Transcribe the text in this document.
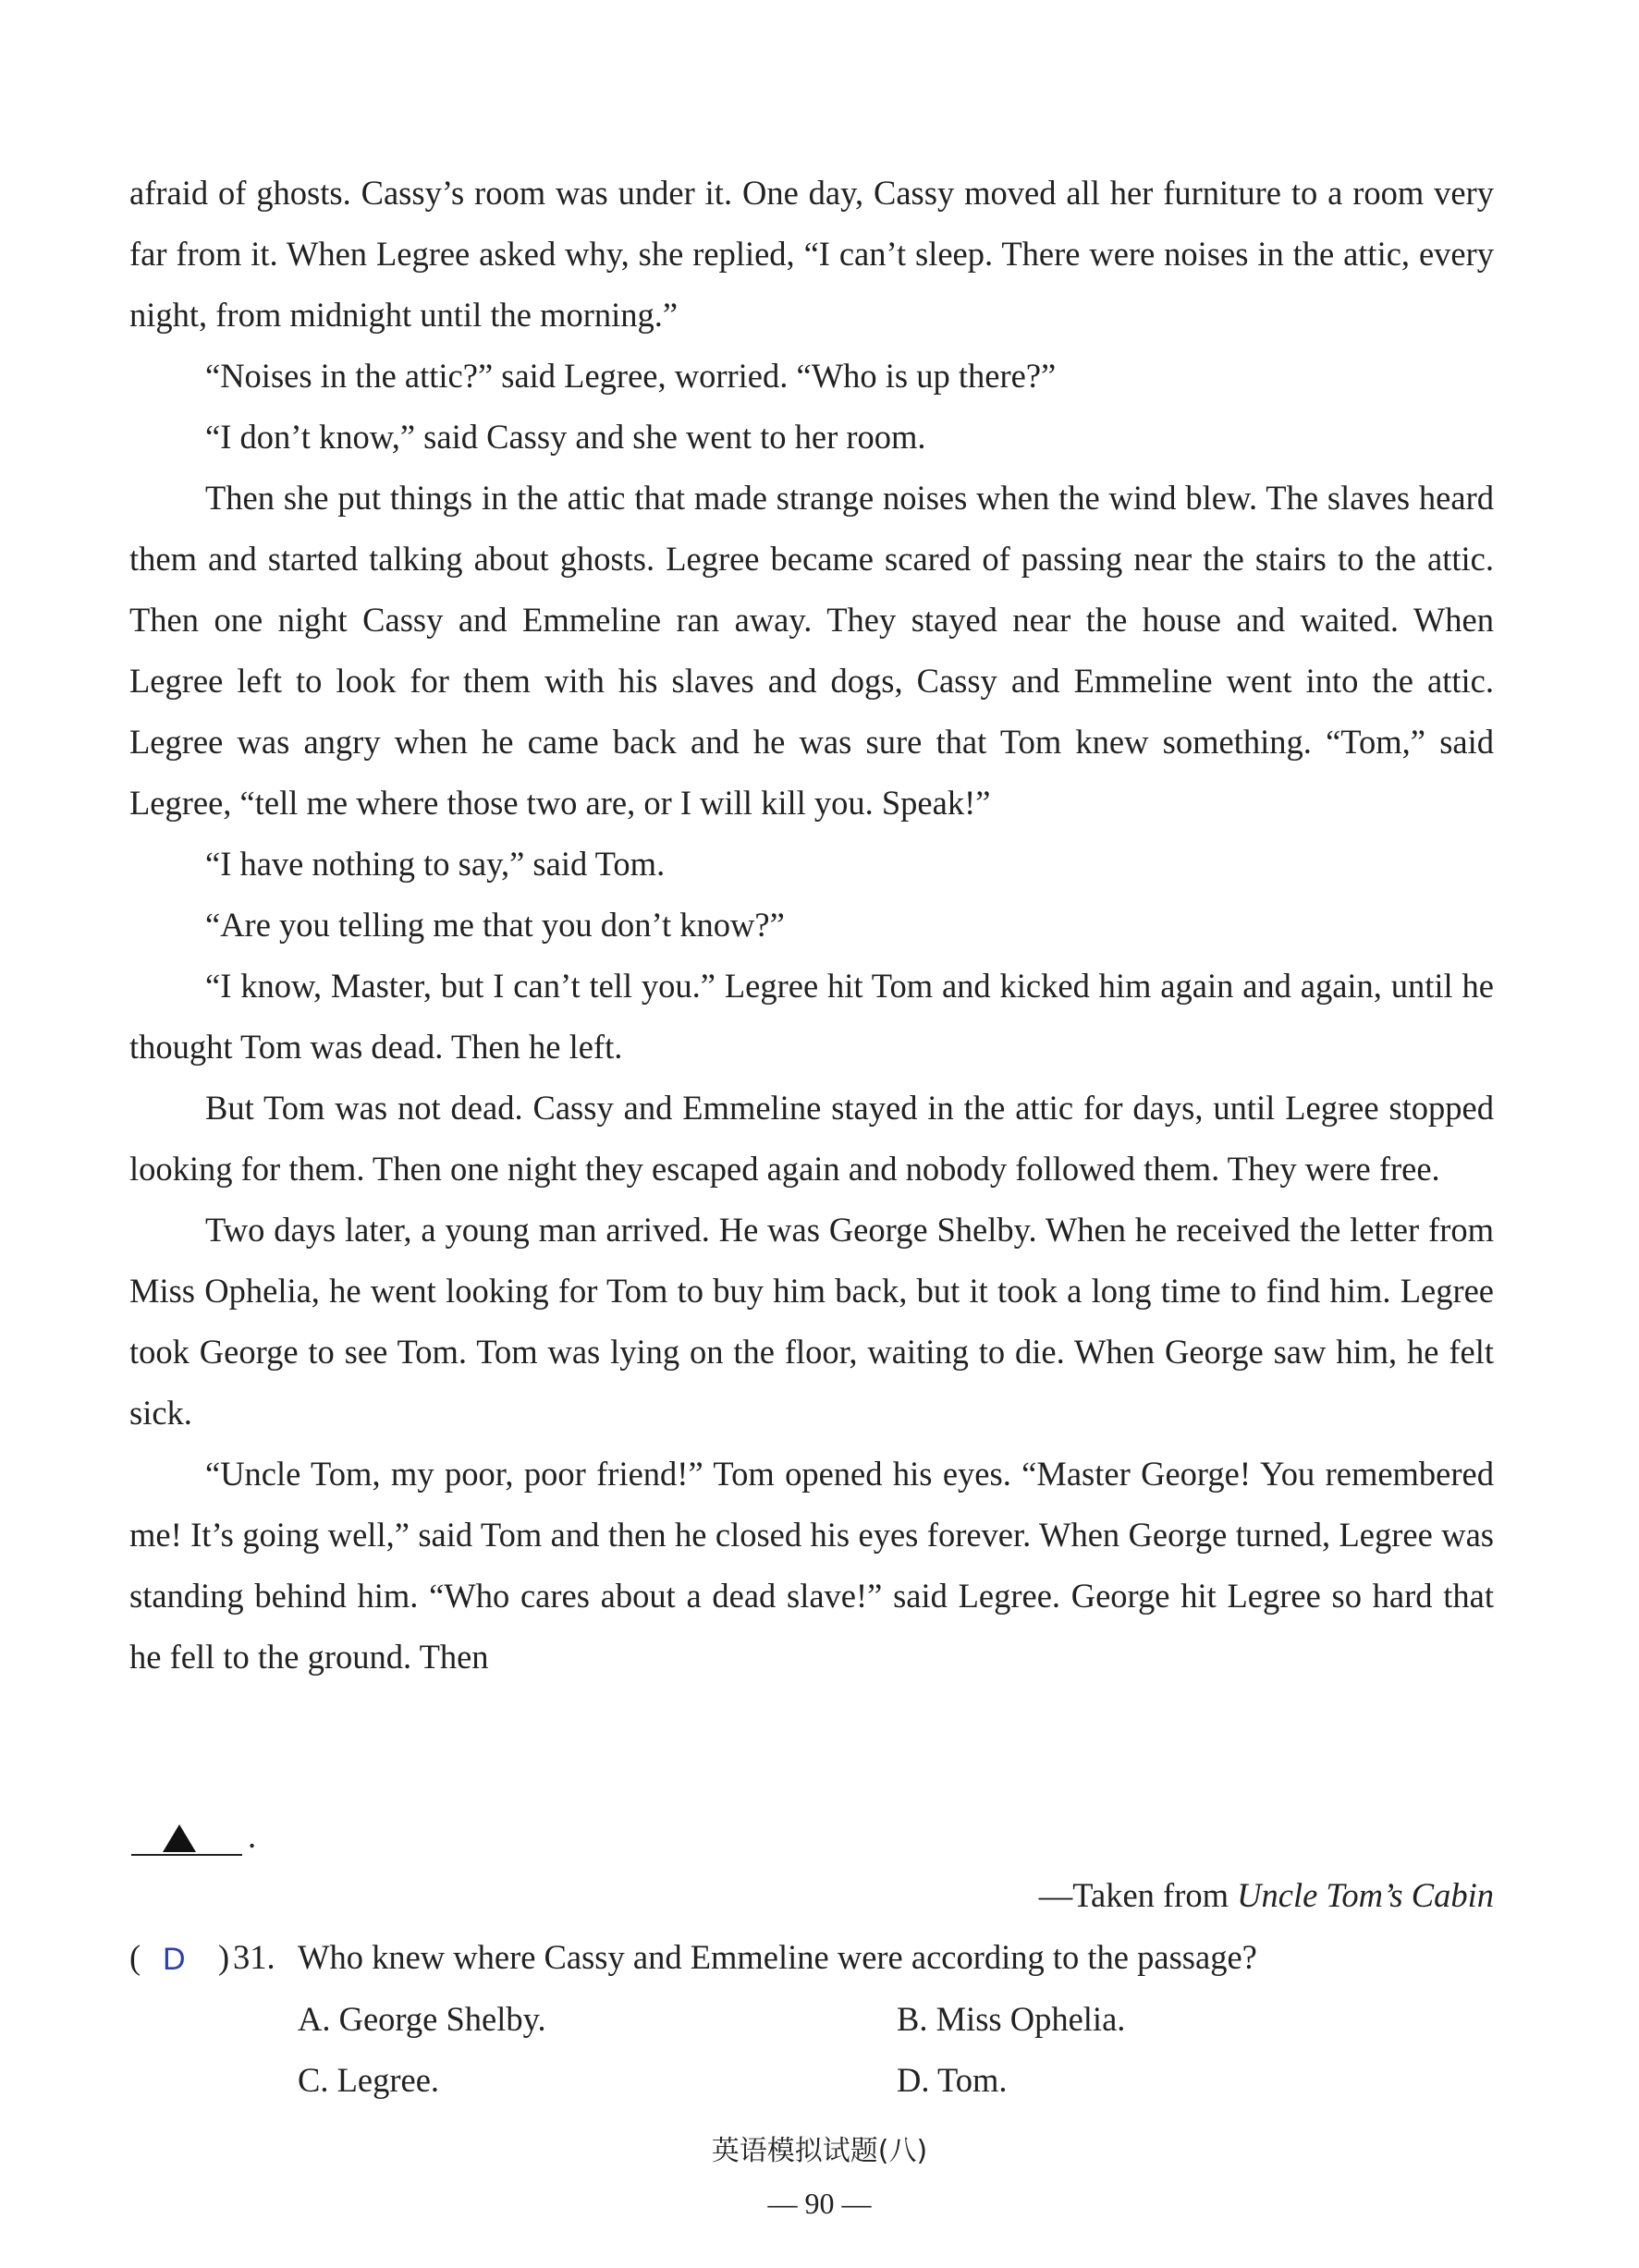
afraid of ghosts. Cassy’s room was under it. One day, Cassy moved all her furniture to a room very far from it. When Legree asked why, she replied, “I can’t sleep. There were noises in the attic, every night, from midnight until the morning.”

“Noises in the attic?” said Legree, worried. “Who is up there?”

“I don’t know,” said Cassy and she went to her room.

Then she put things in the attic that made strange noises when the wind blew. The slaves heard them and started talking about ghosts. Legree became scared of passing near the stairs to the attic. Then one night Cassy and Emmeline ran away. They stayed near the house and waited. When Legree left to look for them with his slaves and dogs, Cassy and Emmeline went into the attic. Legree was angry when he came back and he was sure that Tom knew something. “Tom,” said Legree, “tell me where those two are, or I will kill you. Speak!”

“I have nothing to say,” said Tom.

“Are you telling me that you don’t know?”

“I know, Master, but I can’t tell you.” Legree hit Tom and kicked him again and again, until he thought Tom was dead. Then he left.

But Tom was not dead. Cassy and Emmeline stayed in the attic for days, until Legree stopped looking for them. Then one night they escaped again and nobody followed them. They were free.

Two days later, a young man arrived. He was George Shelby. When he received the letter from Miss Ophelia, he went looking for Tom to buy him back, but it took a long time to find him. Legree took George to see Tom. Tom was lying on the floor, waiting to die. When George saw him, he felt sick.

“Uncle Tom, my poor, poor friend!” Tom opened his eyes. “Master George! You remembered me! It’s going well,” said Tom and then he closed his eyes forever. When George turned, Legree was standing behind him. “Who cares about a dead slave!” said Legree. George hit Legree so hard that he fell to the ground. Then

.
—Taken from Uncle Tom’s Cabin
( D ) 31. Who knew where Cassy and Emmeline were according to the passage?
A. George Shelby.	B. Miss Ophelia.
C. Legree.	D. Tom.
英语模拟试题(八)
— 90 —
